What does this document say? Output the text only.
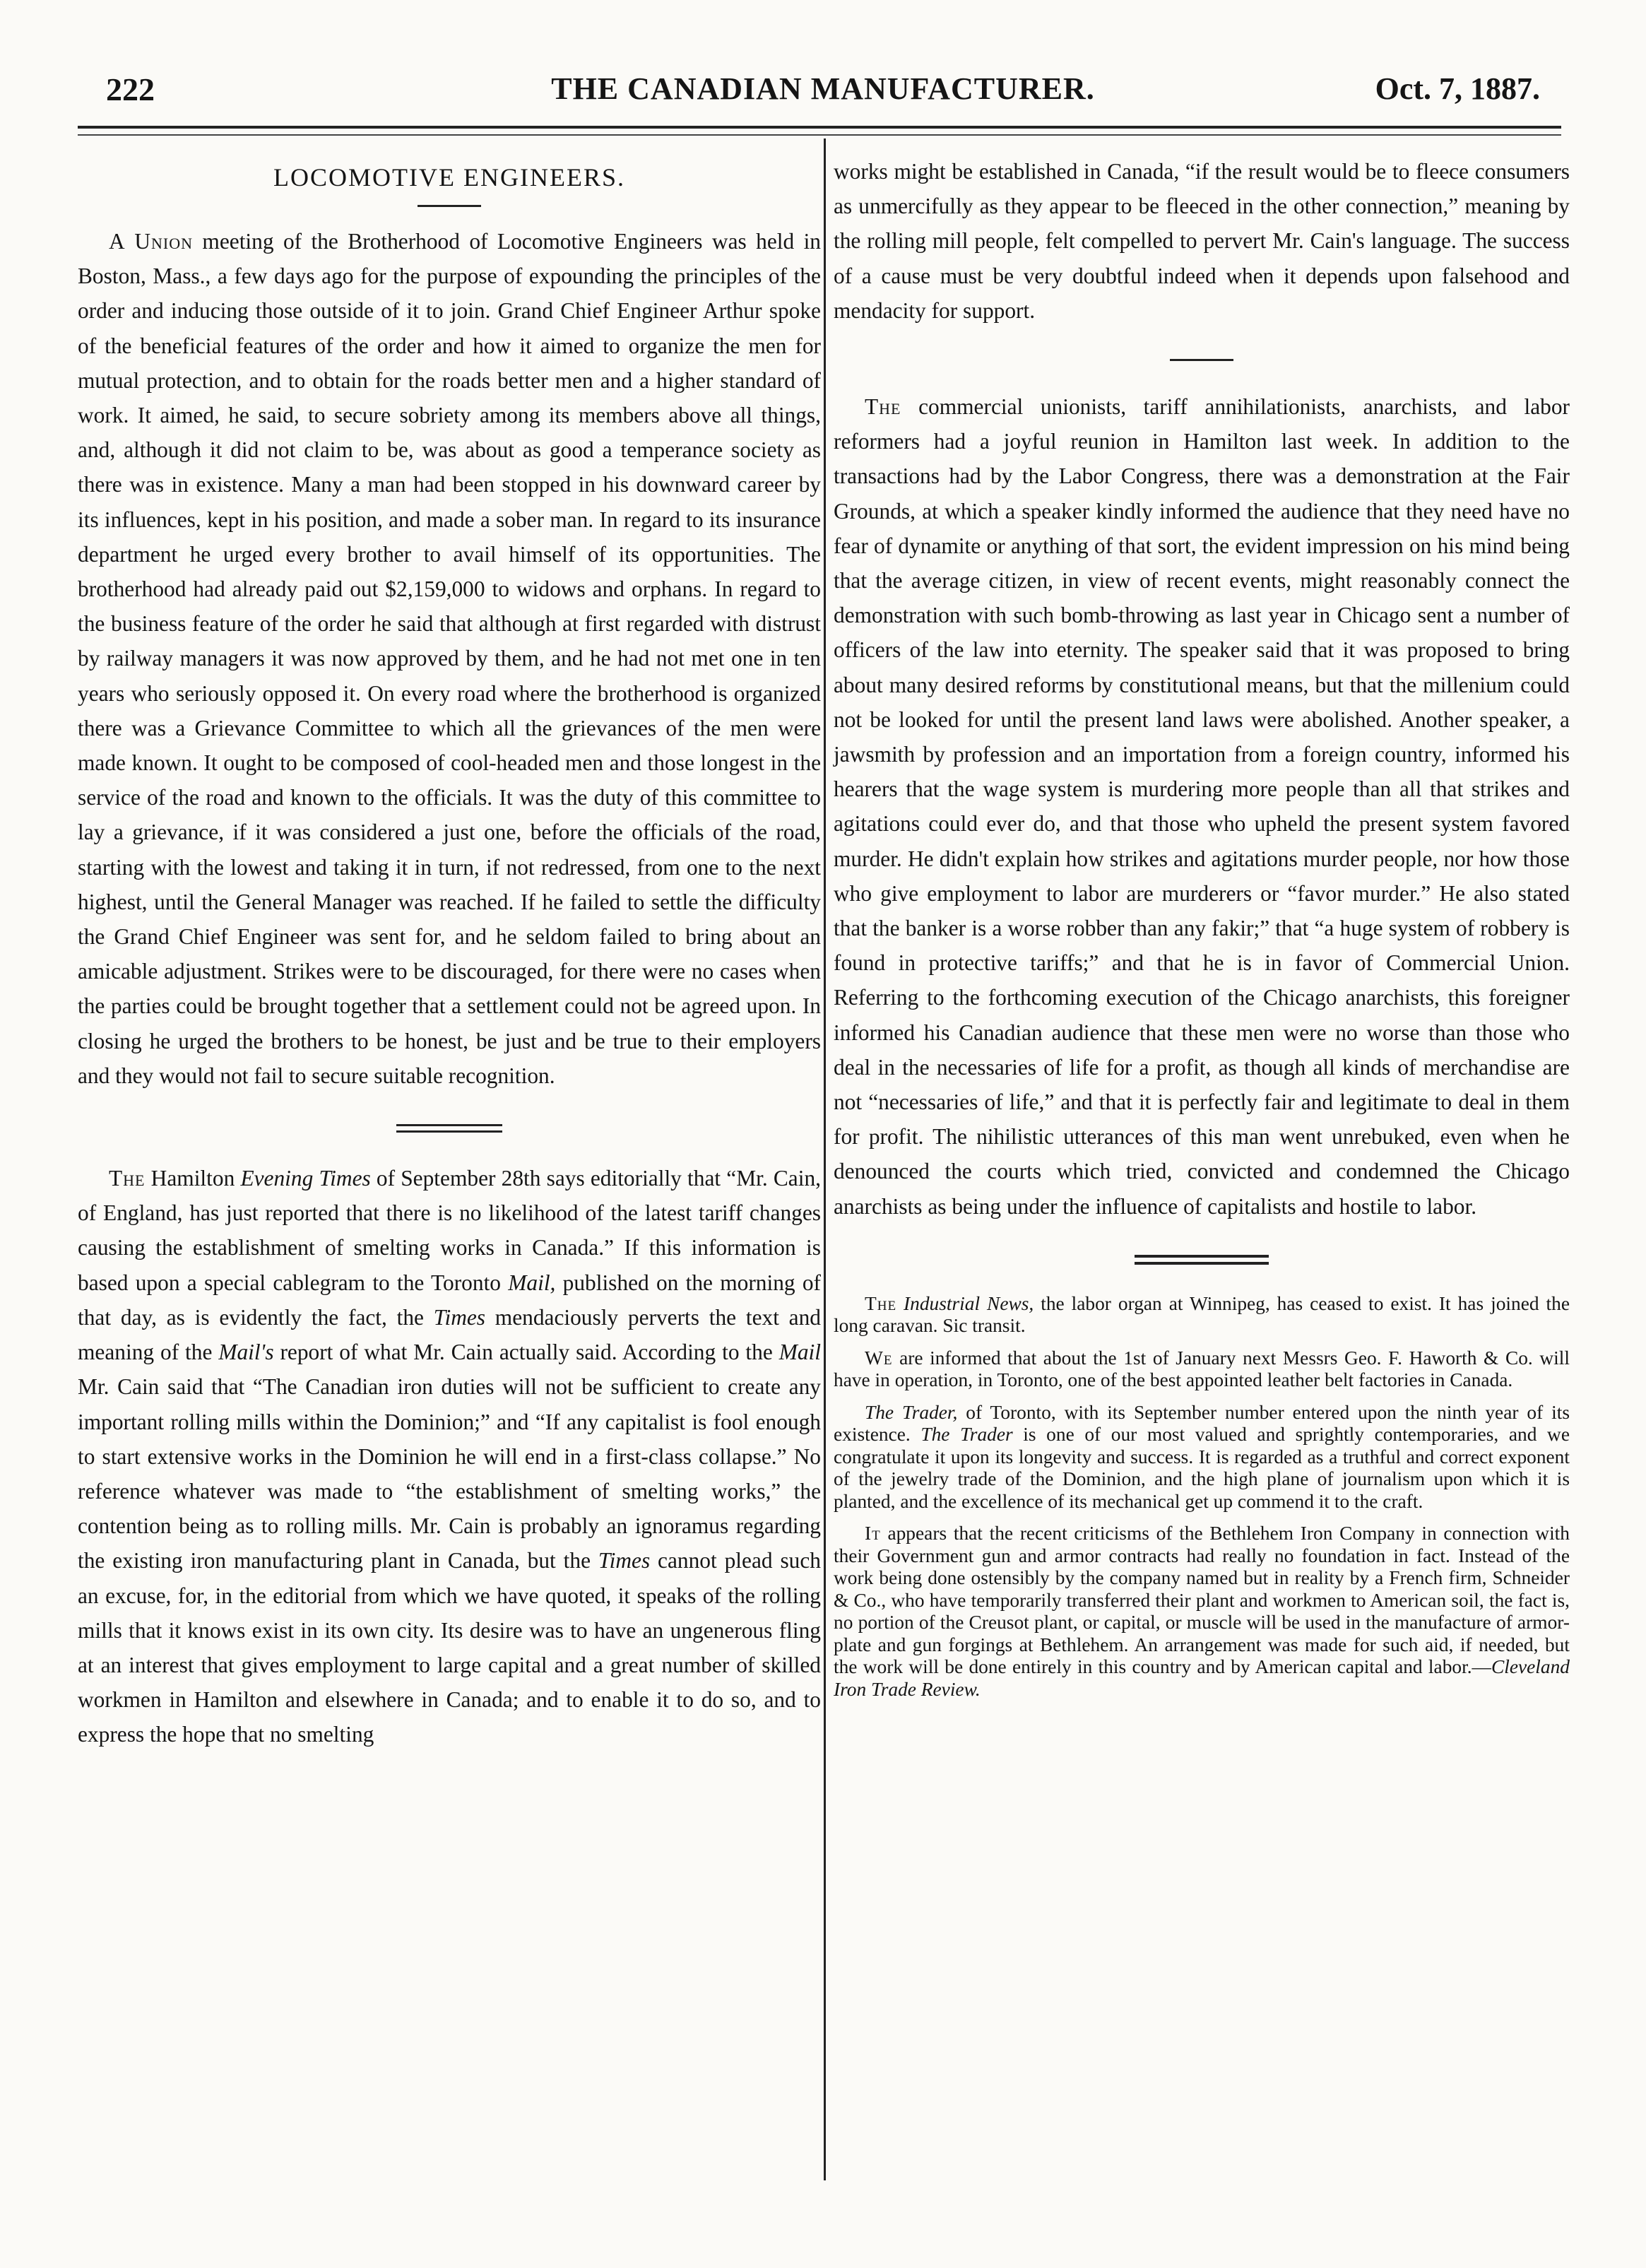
222	THE CANADIAN MANUFACTURER.	Oct. 7, 1887.
LOCOMOTIVE ENGINEERS.

A Union meeting of the Brotherhood of Locomotive Engineers was held in Boston, Mass., a few days ago for the purpose of expounding the principles of the order and inducing those outside of it to join. Grand Chief Engineer Arthur spoke of the beneficial features of the order and how it aimed to organize the men for mutual protection, and to obtain for the roads better men and a higher standard of work. It aimed, he said, to secure sobriety among its members above all things, and, although it did not claim to be, was about as good a temperance society as there was in existence. Many a man had been stopped in his downward career by its influences, kept in his position, and made a sober man. In regard to its insurance department he urged every brother to avail himself of its opportunities. The brotherhood had already paid out $2,159,000 to widows and orphans. In regard to the business feature of the order he said that although at first regarded with distrust by railway managers it was now approved by them, and he had not met one in ten years who seriously opposed it. On every road where the brotherhood is organized there was a Grievance Committee to which all the grievances of the men were made known. It ought to be composed of cool-headed men and those longest in the service of the road and known to the officials. It was the duty of this committee to lay a grievance, if it was considered a just one, before the officials of the road, starting with the lowest and taking it in turn, if not redressed, from one to the next highest, until the General Manager was reached. If he failed to settle the difficulty the Grand Chief Engineer was sent for, and he seldom failed to bring about an amicable adjustment. Strikes were to be discouraged, for there were no cases when the parties could be brought together that a settlement could not be agreed upon. In closing he urged the brothers to be honest, be just and be true to their employers and they would not fail to secure suitable recognition.

The Hamilton Evening Times of September 28th says editorially that “Mr. Cain, of England, has just reported that there is no likelihood of the latest tariff changes causing the establishment of smelting works in Canada.” If this information is based upon a special cablegram to the Toronto Mail, published on the morning of that day, as is evidently the fact, the Times mendaciously perverts the text and meaning of the Mail's report of what Mr. Cain actually said. According to the Mail Mr. Cain said that “The Canadian iron duties will not be sufficient to create any important rolling mills within the Dominion;” and “If any capitalist is fool enough to start extensive works in the Dominion he will end in a first-class collapse.” No reference whatever was made to “the establishment of smelting works,” the contention being as to rolling mills. Mr. Cain is probably an ignoramus regarding the existing iron manufacturing plant in Canada, but the Times cannot plead such an excuse, for, in the editorial from which we have quoted, it speaks of the rolling mills that it knows exist in its own city. Its desire was to have an ungenerous fling at an interest that gives employment to large capital and a great number of skilled workmen in Hamilton and elsewhere in Canada; and to enable it to do so, and to express the hope that no smelting

works might be established in Canada, “if the result would be to fleece consumers as unmercifully as they appear to be fleeced in the other connection,” meaning by the rolling mill people, felt compelled to pervert Mr. Cain's language. The success of a cause must be very doubtful indeed when it depends upon falsehood and mendacity for support.

The commercial unionists, tariff annihilationists, anarchists, and labor reformers had a joyful reunion in Hamilton last week. In addition to the transactions had by the Labor Congress, there was a demonstration at the Fair Grounds, at which a speaker kindly informed the audience that they need have no fear of dynamite or anything of that sort, the evident impression on his mind being that the average citizen, in view of recent events, might reasonably connect the demonstration with such bomb-throwing as last year in Chicago sent a number of officers of the law into eternity. The speaker said that it was proposed to bring about many desired reforms by constitutional means, but that the millenium could not be looked for until the present land laws were abolished. Another speaker, a jawsmith by profession and an importation from a foreign country, informed his hearers that the wage system is murdering more people than all that strikes and agitations could ever do, and that those who upheld the present system favored murder. He didn't explain how strikes and agitations murder people, nor how those who give employment to labor are murderers or “favor murder.” He also stated that the banker is a worse robber than any fakir;” that “a huge system of robbery is found in protective tariffs;” and that he is in favor of Commercial Union. Referring to the forthcoming execution of the Chicago anarchists, this foreigner informed his Canadian audience that these men were no worse than those who deal in the necessaries of life for a profit, as though all kinds of merchandise are not “necessaries of life,” and that it is perfectly fair and legitimate to deal in them for profit. The nihilistic utterances of this man went unrebuked, even when he denounced the courts which tried, convicted and condemned the Chicago anarchists as being under the influence of capitalists and hostile to labor.

The Industrial News, the labor organ at Winnipeg, has ceased to exist. It has joined the long caravan. Sic transit.

We are informed that about the 1st of January next Messrs Geo. F. Haworth & Co. will have in operation, in Toronto, one of the best appointed leather belt factories in Canada.

The Trader, of Toronto, with its September number entered upon the ninth year of its existence. The Trader is one of our most valued and sprightly contemporaries, and we congratulate it upon its longevity and success. It is regarded as a truthful and correct exponent of the jewelry trade of the Dominion, and the high plane of journalism upon which it is planted, and the excellence of its mechanical get up commend it to the craft.

It appears that the recent criticisms of the Bethlehem Iron Company in connection with their Government gun and armor contracts had really no foundation in fact. Instead of the work being done ostensibly by the company named but in reality by a French firm, Schneider & Co., who have temporarily transferred their plant and workmen to American soil, the fact is, no portion of the Creusot plant, or capital, or muscle will be used in the manufacture of armor-plate and gun forgings at Bethlehem. An arrangement was made for such aid, if needed, but the work will be done entirely in this country and by American capital and labor.—Cleveland Iron Trade Review.
